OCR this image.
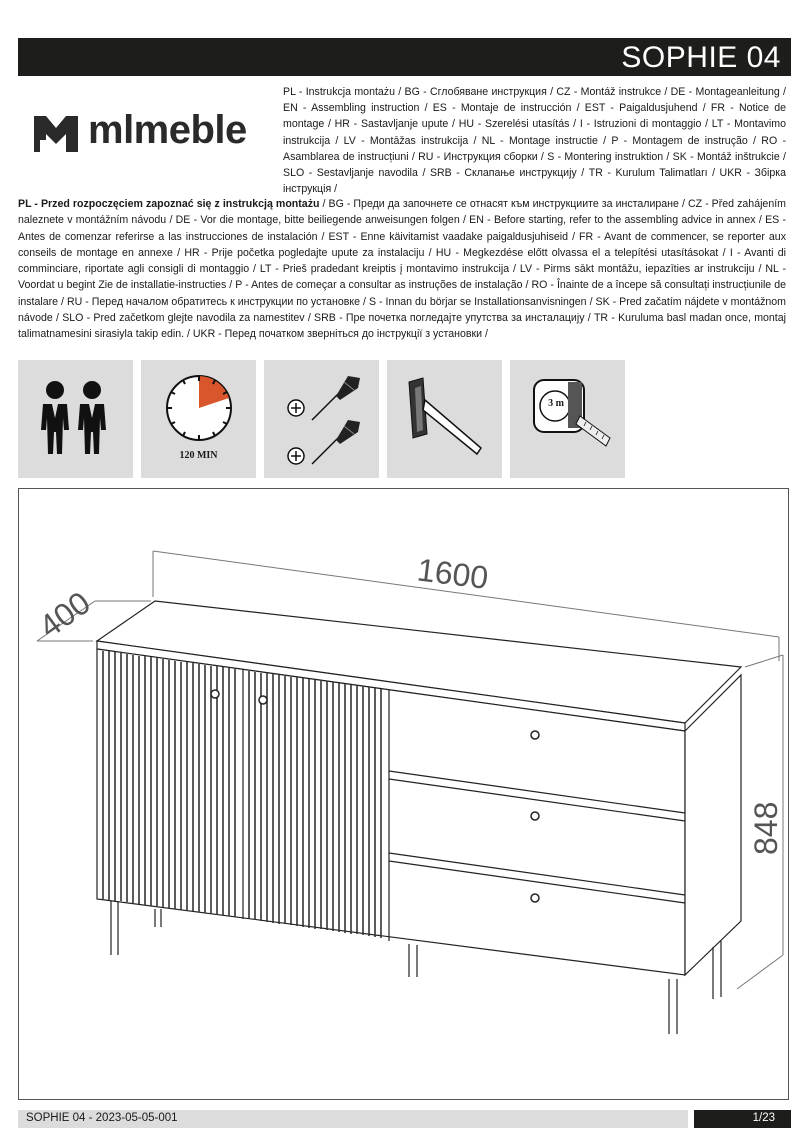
SOPHIE 04
mlmeble
PL - Instrukcja montażu / BG - Сглобяване инструкция / CZ - Montáž instrukce / DE - Montageanleitung / EN - Assembling instruction / ES - Montaje de instrucción / EST - Paigaldusjuhend / FR - Notice de montage / HR - Sastavljanje upute / HU - Szerelési utasítás / I - Istruzioni di montaggio / LT - Montavimo instrukcija / LV - Montāžas instrukcija / NL - Montage instructie / P - Montagem de instrução / RO - Asamblarea de instrucțiuni / RU - Инструкция сборки / S - Montering instruktion / SK - Montáž inštrukcie / SLO - Sestavljanje navodila / SRB - Склапање инструкцију / TR - Kurulum Talimatları / UKR - Збірка інструкція /
PL - Przed rozpoczęciem zapoznać się z instrukcją montażu / BG - Преди да започнете се отнасят към инструкциите за инсталиране / CZ - Před zahájením naleznete v montážním návodu / DE - Vor die montage, bitte beiliegende anweisungen folgen / EN - Before starting, refer to the assembling advice in annex / ES - Antes de comenzar referirse a las instrucciones de instalación / EST - Enne käivitamist vaadake paigaldusjuhiseid / FR - Avant de commencer, se reporter aux conseils de montage en annexe / HR - Prije početka pogledajte upute za instalaciju / HU - Megkezdése előtt olvassa el a telepítési utasításokat / I - Avanti di comminciare, riportate agli consigli di montaggio / LT - Prieš pradedant kreiptis į montavimo instrukcija / LV - Pirms sākt montāžu, iepazīties ar instrukciju / NL - Voordat u begint Zie de installatie-instructies / P - Antes de começar a consultar as instruções de instalação / RO - Înainte de a începe să consultați instrucțiunile de instalare / RU - Перед началом обратитесь к инструкции по установке / S - Innan du börjar se Installationsanvisningen / SK - Pred začatím nájdete v montážnom návode / SLO - Pred začetkom glejte navodila za namestitev / SRB - Пре почетка погледајте упутства за инсталацију / TR - Kuruluma basl madan once, montaj talimatnamesini sirasiyla takip edin. / UKR - Перед початком зверніться до інструкції з установки /
120 MIN
3 m
1600
400
848
SOPHIE 04 - 2023-05-05-001	1/23
